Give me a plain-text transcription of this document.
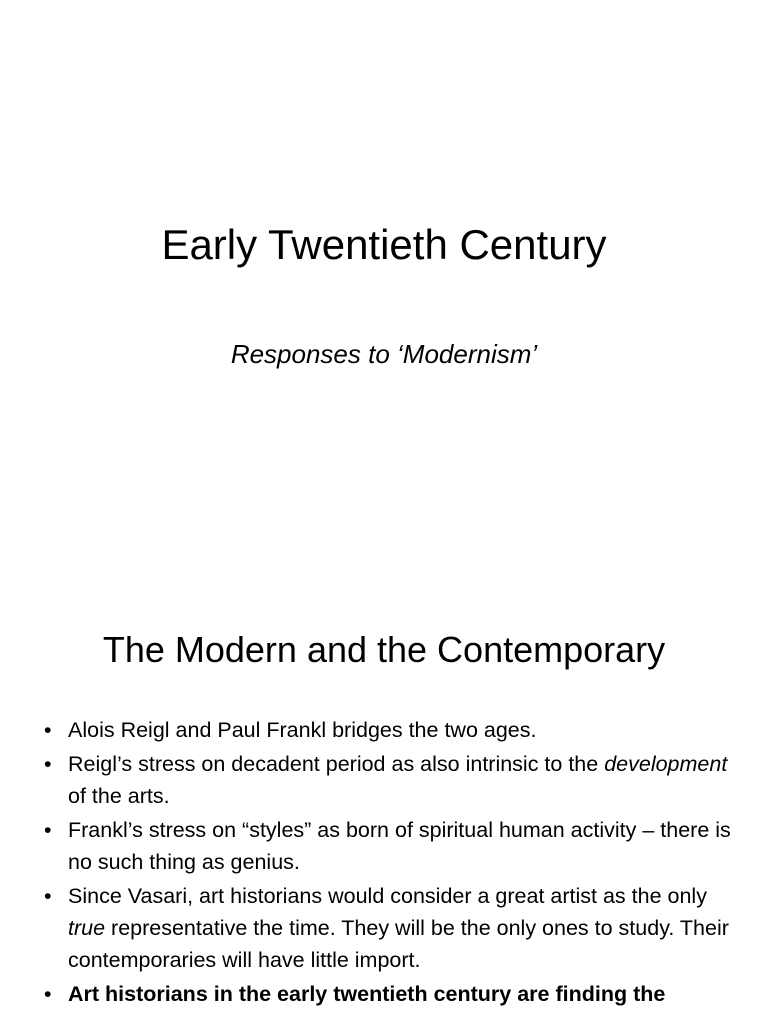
Early Twentieth Century
Responses to ‘Modernism’
The Modern and the Contemporary
• Alois Reigl and Paul Frankl bridges the two ages.
• Reigl’s stress on decadent period as also intrinsic to the development of the arts.
• Frankl’s stress on “styles” as born of spiritual human activity – there is no such thing as genius.
• Since Vasari, art historians would consider a great artist as the only true representative the time. They will be the only ones to study. Their contemporaries will have little import.
• Art historians in the early twentieth century are finding the
